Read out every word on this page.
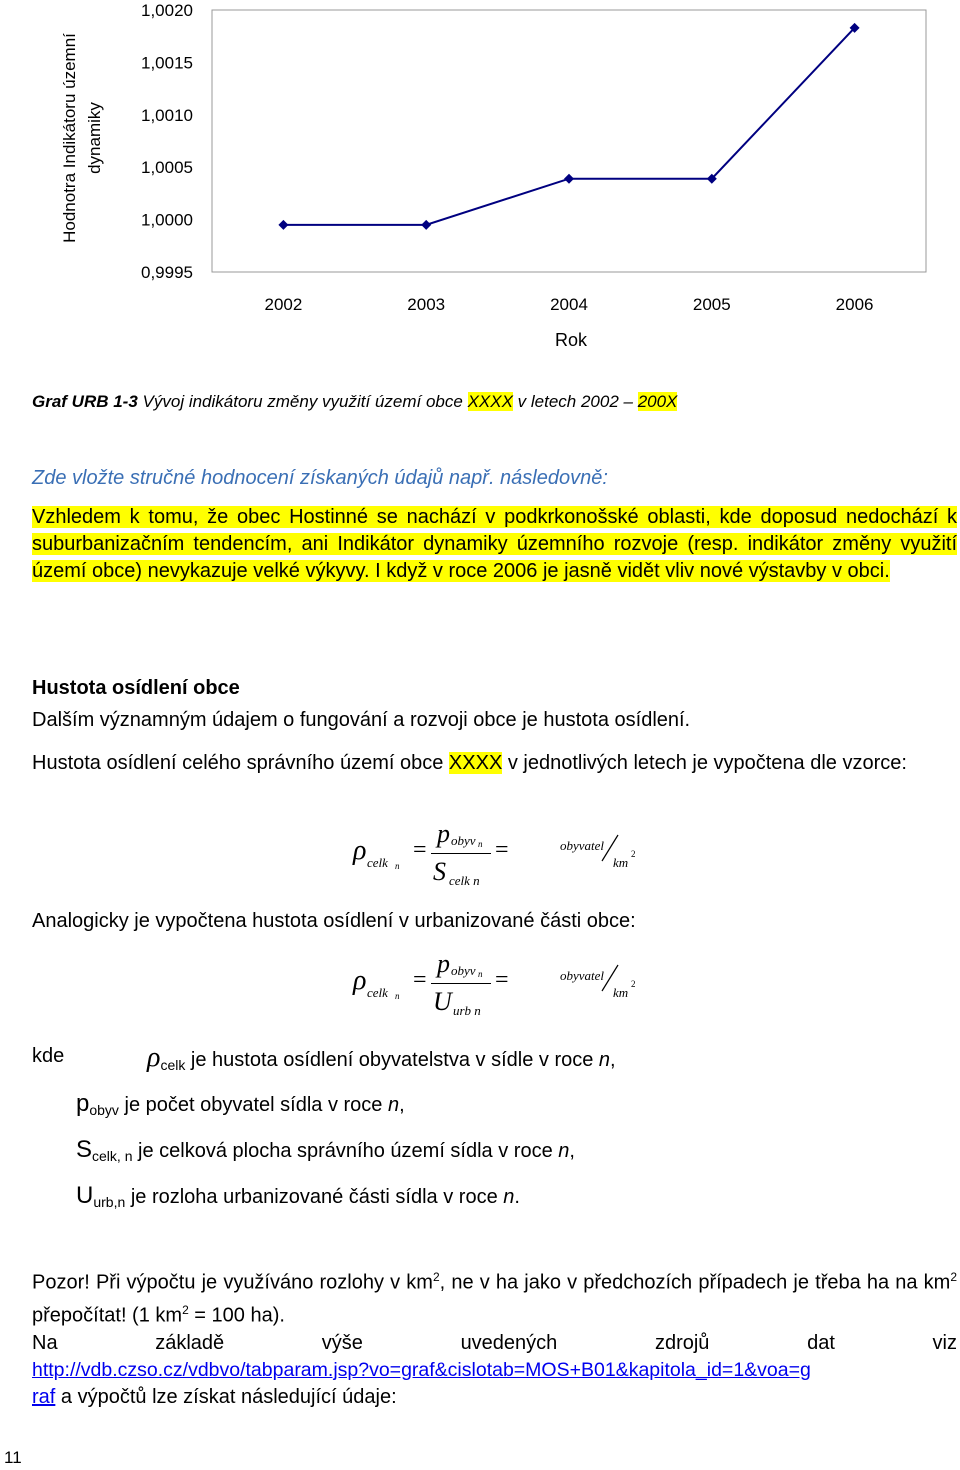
1,0020
1,0015
1,0010
1,0005
1,0000
0,9995
2002	2003	2004	2005	2006
Hodnotra Indikátoru územní dynamiky
Rok
Graf URB 1-3 Vývoj indikátoru změny využití území obce XXXX v letech 2002 – 200X
Zde vložte stručné hodnocení získaných údajů např. následovně:
Vzhledem k tomu, že obec Hostinné se nachází v podkrkonošské oblasti, kde doposud nedochází k suburbanizačním tendencím, ani Indikátor dynamiky územního rozvoje (resp. indikátor změny využití území obce) nevykazuje velké výkyvy. I když v roce 2006 je jasně vidět vliv nové výstavby v obci.
Hustota osídlení obce
Dalším významným údajem o fungování a rozvoji obce je hustota osídlení.
Hustota osídlení celého správního území obce XXXX v jednotlivých letech je vypočtena dle vzorce:
ρ celk n
=
p obyv n
S celk n
=	obyvatel
km
2
Analogicky je vypočtena hustota osídlení v urbanizované části obce:
ρ celk n
=
p obyv n
U urb n
=	obyvatel
km
2
kde	$\rho_{celk}$ je hustota osídlení obyvatelstva v sídle v roce n,
$p_{obyv}$ je počet obyvatel sídla v roce n,
$S_{celk, n}$ je celková plocha správního území sídla v roce n,
$U_{urb,n}$ je rozloha urbanizované části sídla v roce n.
Pozor! Při výpočtu je využíváno rozlohy v $km^2$, ne v ha jako v předchozích případech je třeba ha na $km^2$ přepočítat! (1 $km^2 = 100$ ha).
Na	základě	výše	uvedených	zdrojů	dat	viz
http://vdb.czso.cz/vdbvo/tabparam.jsp?vo=graf&cislotab=MOS+B01&kapitola_id=1&voa=g
raf a výpočtů lze získat následující údaje:
11
